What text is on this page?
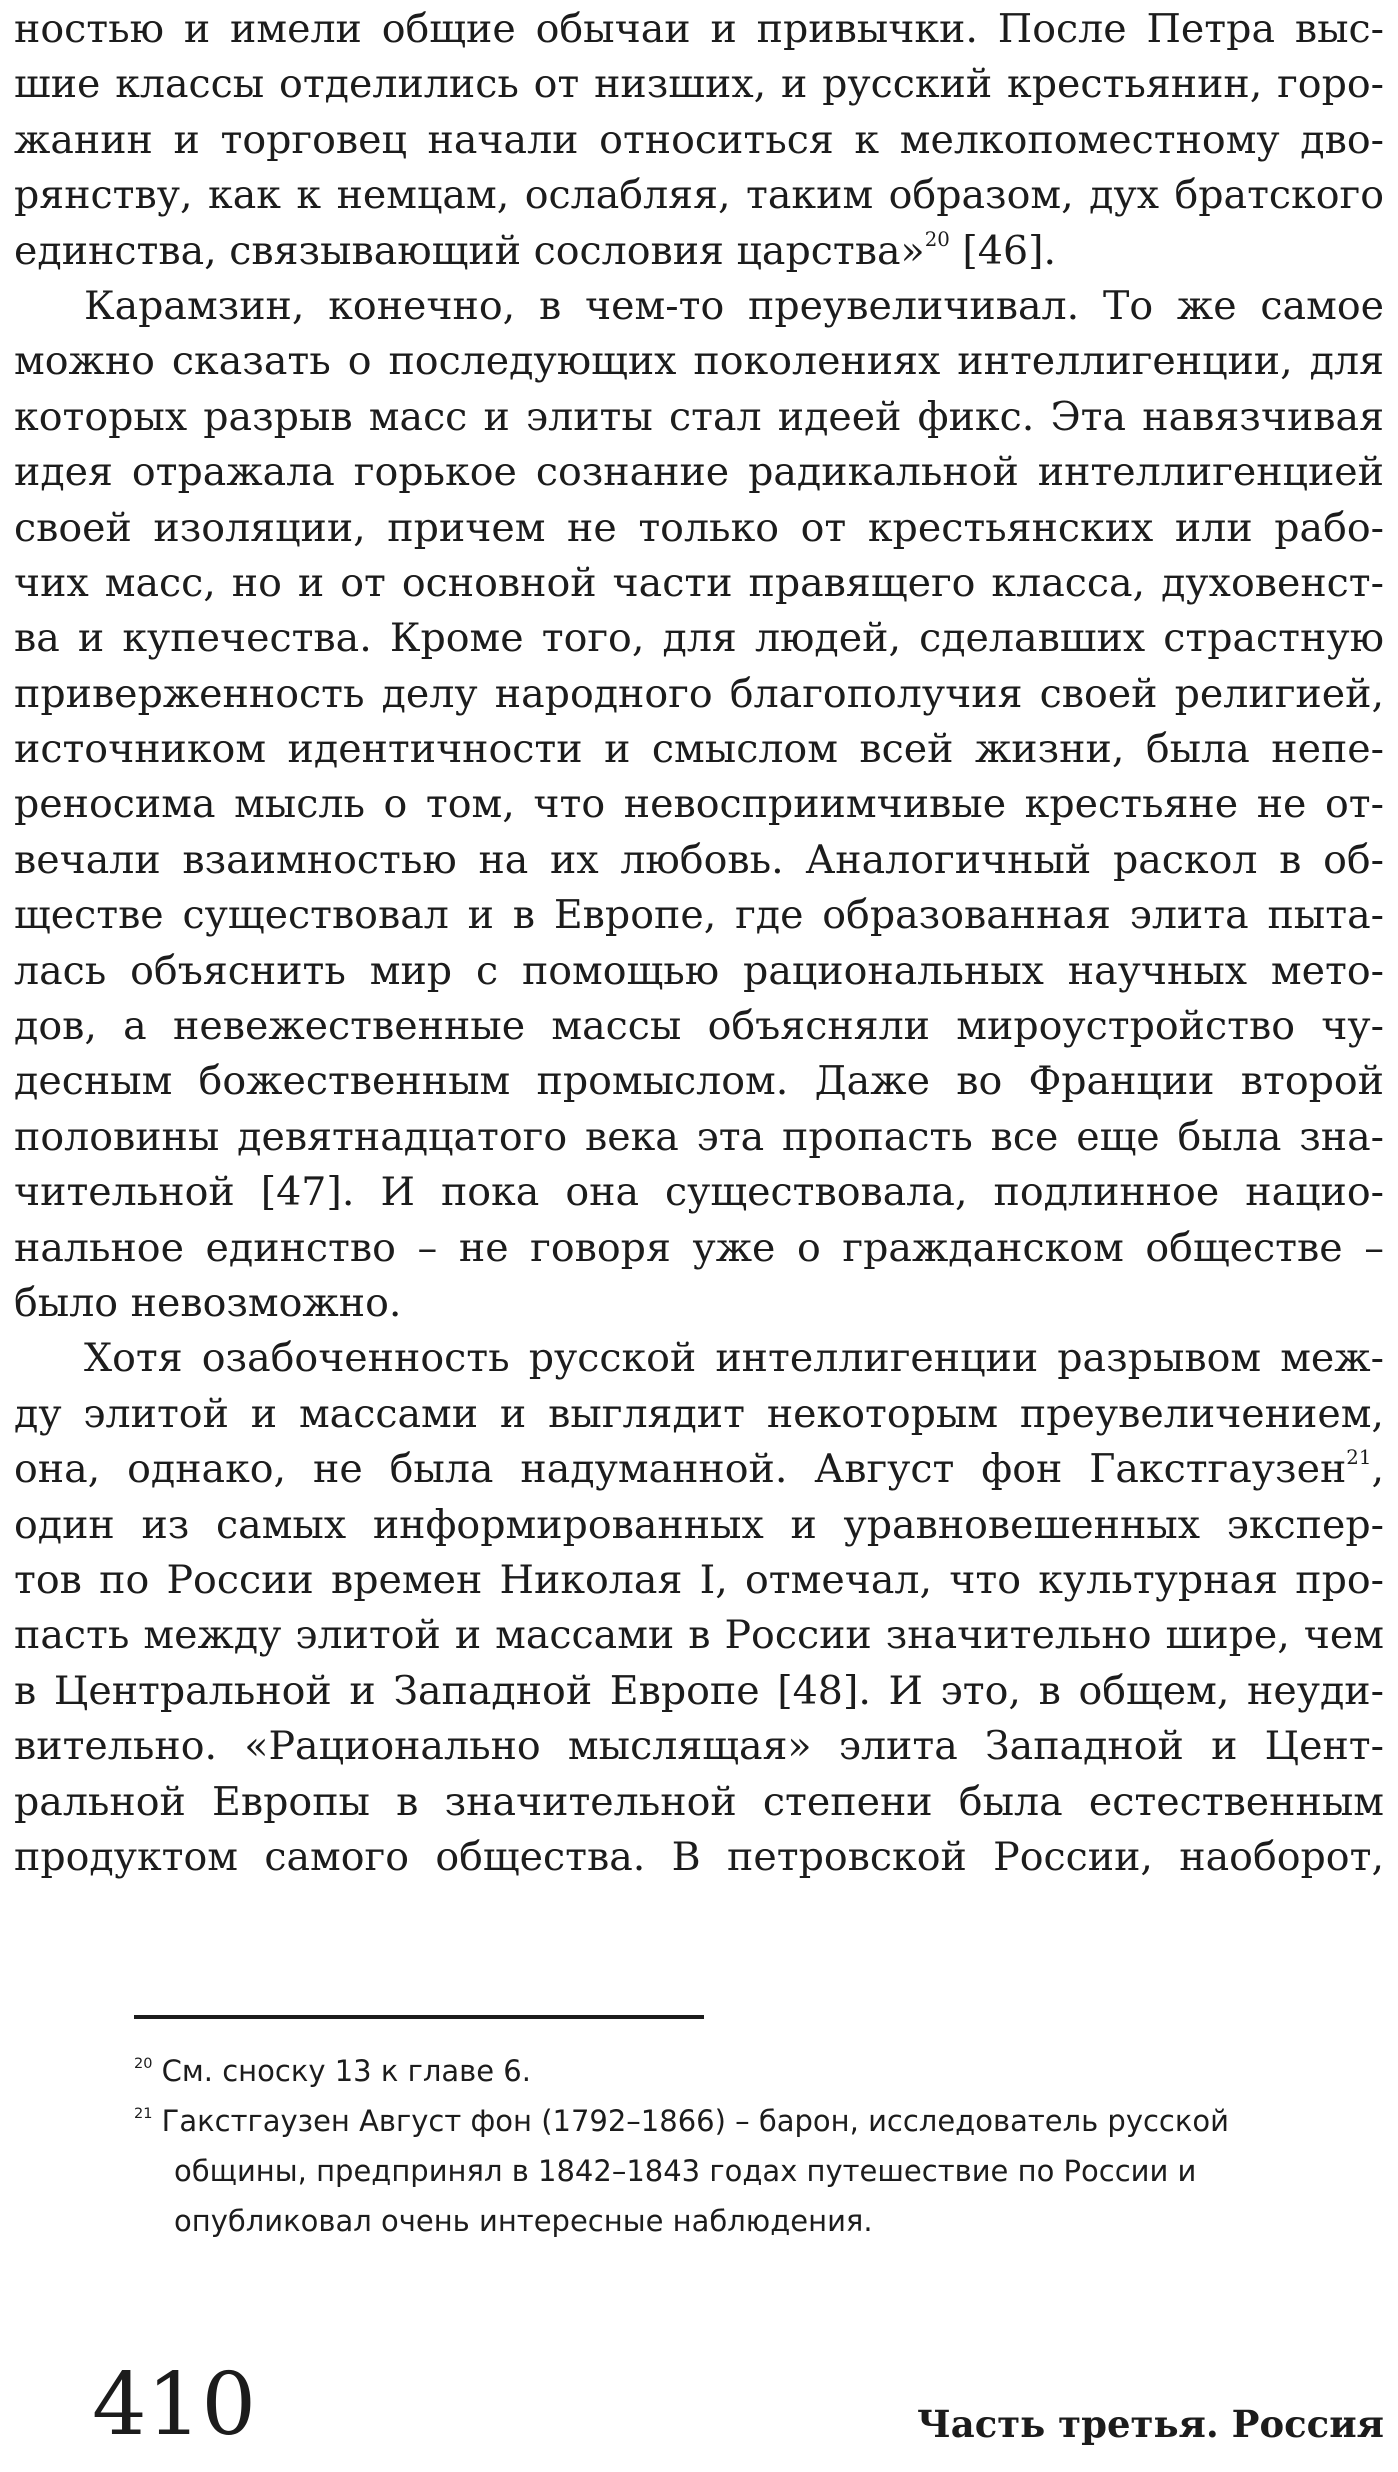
ностью и имели общие обычаи и привычки. После Петра выс-
шие классы отделились от низших, и русский крестьянин, горо-
жанин и торговец начали относиться к мелкопоместному дво-
рянству, как к немцам, ослабляя, таким образом, дух братского
единства, связывающий сословия царства»$^{20}$ [46].
Карамзин, конечно, в чем-то преувеличивал. То же самое
можно сказать о последующих поколениях интеллигенции, для
которых разрыв масс и элиты стал идеей фикс. Эта навязчивая
идея отражала горькое сознание радикальной интеллигенцией
своей изоляции, причем не только от крестьянских или рабо-
чих масс, но и от основной части правящего класса, духовенст-
ва и купечества. Кроме того, для людей, сделавших страстную
приверженность делу народного благополучия своей религией,
источником идентичности и смыслом всей жизни, была непе-
реносима мысль о том, что невосприимчивые крестьяне не от-
вечали взаимностью на их любовь. Аналогичный раскол в об-
ществе существовал и в Европе, где образованная элита пыта-
лась объяснить мир с помощью рациональных научных мето-
дов, а невежественные массы объясняли мироустройство чу-
десным божественным промыслом. Даже во Франции второй
половины девятнадцатого века эта пропасть все еще была зна-
чительной [47]. И пока она существовала, подлинное нацио-
нальное единство – не говоря уже о гражданском обществе –
было невозможно.
Хотя озабоченность русской интеллигенции разрывом меж-
ду элитой и массами и выглядит некоторым преувеличением,
она, однако, не была надуманной. Август фон Гакстгаузен$^{21}$,
один из самых информированных и уравновешенных экспер-
тов по России времен Николая I, отмечал, что культурная про-
пасть между элитой и массами в России значительно шире, чем
в Центральной и Западной Европе [48]. И это, в общем, неуди-
вительно. «Рационально мыслящая» элита Западной и Цент-
ральной Европы в значительной степени была естественным
продуктом самого общества. В петровской России, наоборот,
$^{20}$ См. сноску 13 к главе 6.
$^{21}$ Гакстгаузен Август фон (1792–1866) – барон, исследователь русской
общины, предпринял в 1842–1843 годах путешествие по России и
опубликовал очень интересные наблюдения.
410	Часть третья. Россия
